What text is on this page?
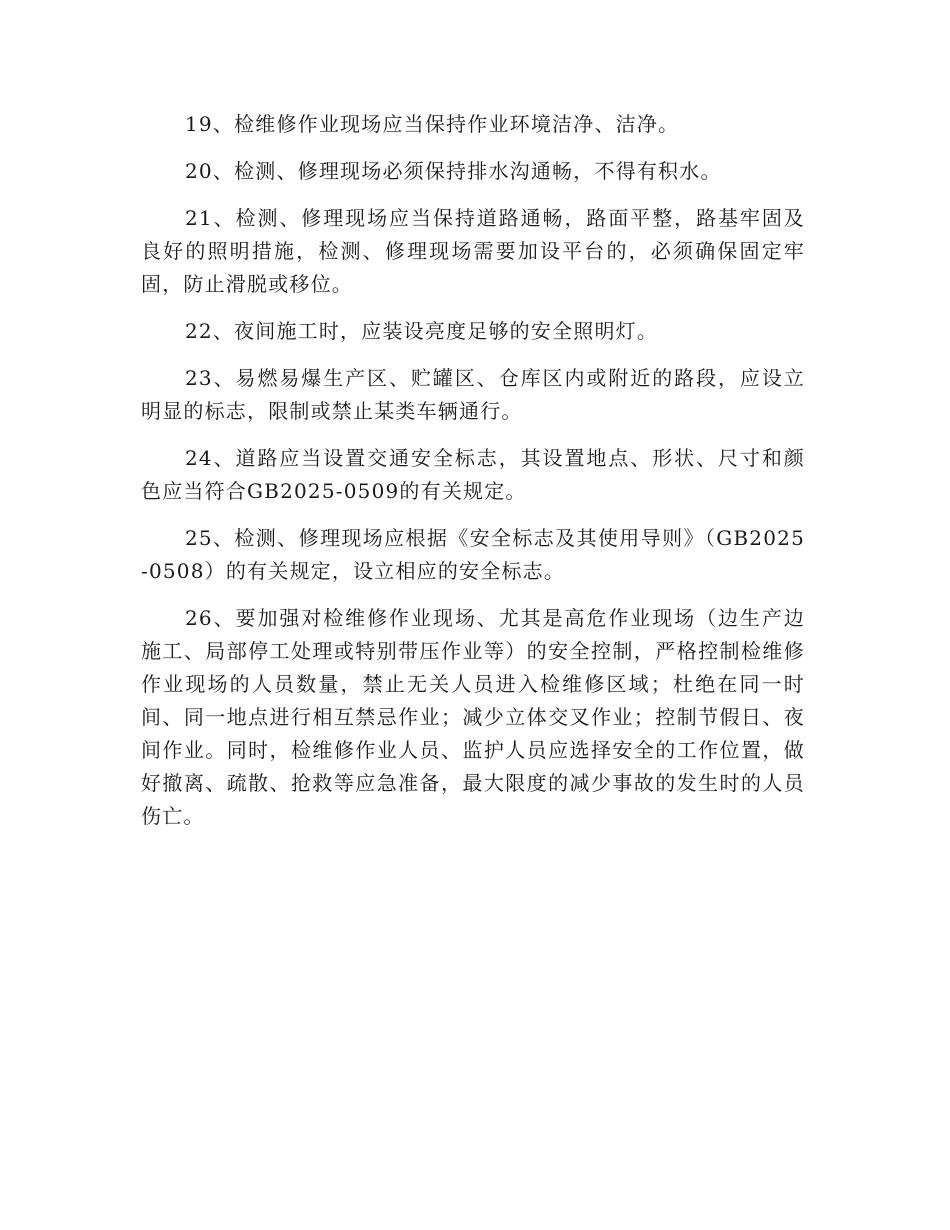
19、检维修作业现场应当保持作业环境洁净、洁净。

20、检测、修理现场必须保持排水沟通畅，不得有积水。

21、检测、修理现场应当保持道路通畅，路面平整，路基牢固及良好的照明措施，检测、修理现场需要加设平台的，必须确保固定牢固，防止滑脱或移位。

22、夜间施工时，应装设亮度足够的安全照明灯。

23、易燃易爆生产区、贮罐区、仓库区内或附近的路段，应设立明显的标志，限制或禁止某类车辆通行。

24、道路应当设置交通安全标志，其设置地点、形状、尺寸和颜色应当符合GB2025-0509的有关规定。

25、检测、修理现场应根据《安全标志及其使用导则》（GB2025-0508）的有关规定，设立相应的安全标志。

26、要加强对检维修作业现场、尤其是高危作业现场（边生产边施工、局部停工处理或特别带压作业等）的安全控制，严格控制检维修作业现场的人员数量，禁止无关人员进入检维修区域；杜绝在同一时间、同一地点进行相互禁忌作业；减少立体交叉作业；控制节假日、夜间作业。同时，检维修作业人员、监护人员应选择安全的工作位置，做好撤离、疏散、抢救等应急准备，最大限度的减少事故的发生时的人员伤亡。
